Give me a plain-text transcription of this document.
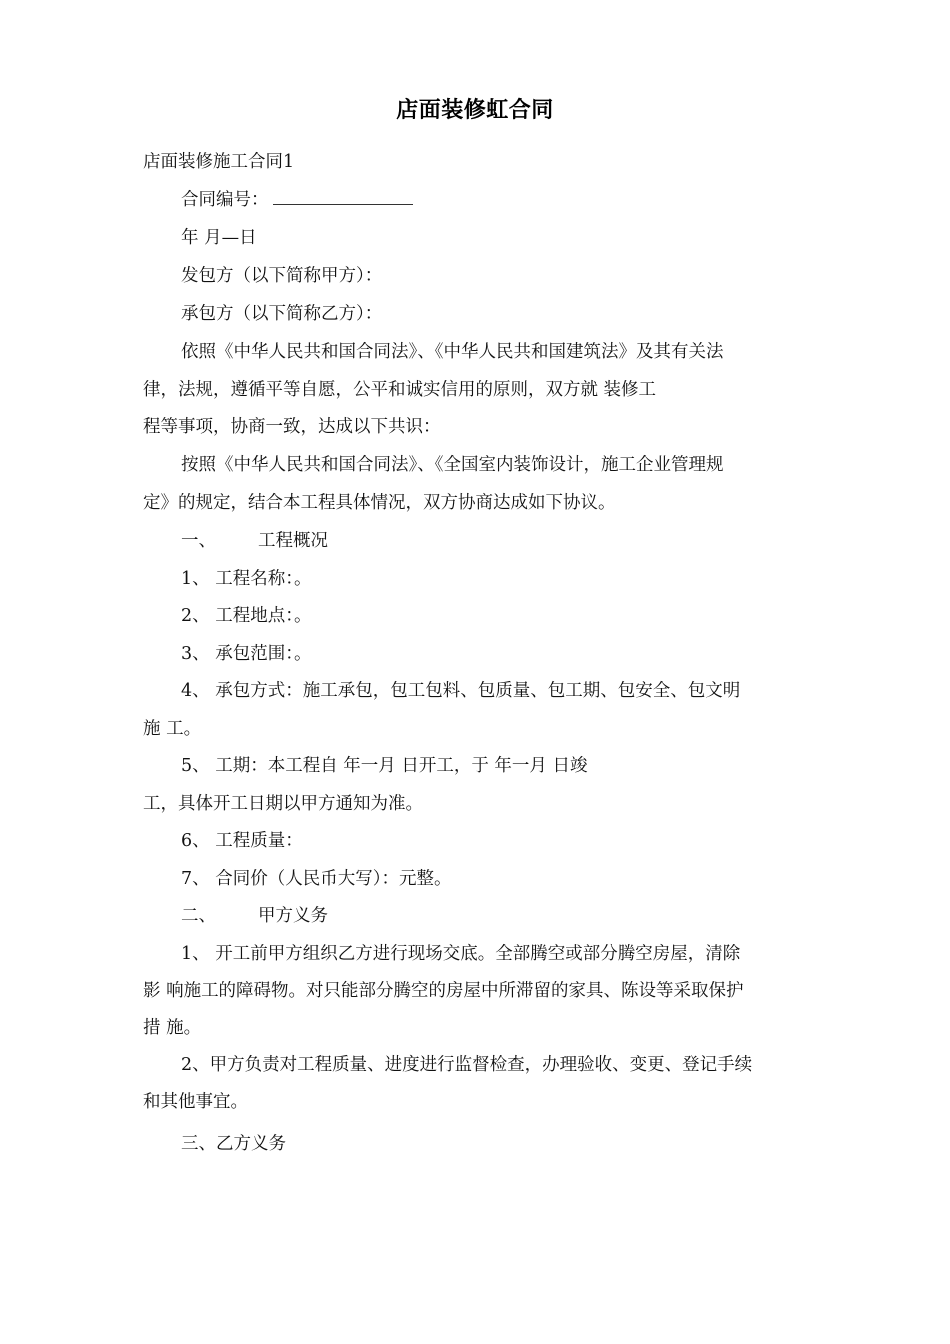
店面装修虹合同
店面装修施工合同1
合同编号：
年 月—日
发包方（以下简称甲方）：
承包方（以下简称乙方）：
依照《中华人民共和国合同法》、《中华人民共和国建筑法》及其有关法
律，法规，遵循平等自愿，公平和诚实信用的原则，双方就 装修工
程等事项，协商一致，达成以下共识：
按照《中华人民共和国合同法》、《全国室内装饰设计，施工企业管理规
定》的规定，结合本工程具体情况，双方协商达成如下协议。
一、 工程概况
1、 工程名称：。
2、 工程地点：。
3、 承包范围：。
4、 承包方式：施工承包，包工包料、包质量、包工期、包安全、包文明
施 工。
5、 工期：本工程自 年一月 日开工，于 年一月 日竣
工，具体开工日期以甲方通知为准。
6、 工程质量：
7、 合同价（人民币大写）：元整。
二、 甲方义务
1、 开工前甲方组织乙方进行现场交底。全部腾空或部分腾空房屋，清除
影 响施工的障碍物。对只能部分腾空的房屋中所滞留的家具、陈设等采取保护
措 施。
2、甲方负责对工程质量、进度进行监督检查，办理验收、变更、登记手续
和其他事宜。
三、乙方义务
